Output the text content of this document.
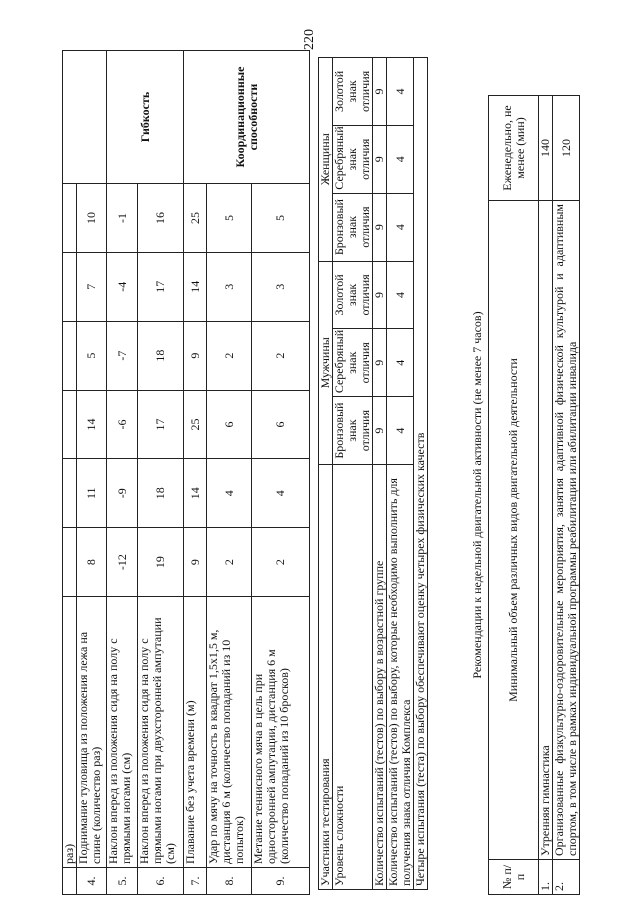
220
	раз)							
4.	Поднимание туловища из положения лежа на спине (количество раз)	8	11	14	5	7	10	
5.	Наклон вперед из положения сидя на полу с прямыми ногами (см)	-12	-9	-6	-7	-4	-1	Гибкость
6.	Наклон вперед из положения сидя на полу с прямыми ногами при двухсторонней ампутации (см)	19	18	17	18	17	16	
7.	Плавание без учета времени (м)	9	14	25	9	14	25	Координационные способности
8.	Удар по мячу на точность в квадрат 1,5х1,5 м, дистанция 6 м (количество попаданий из 10 попыток)	2	4	6	2	3	5	
9.	Метание теннисного мяча в цель при односторонней ампутации, дистанция 6 м (количество попаданий из 10 бросков)	2	4	6	2	3	5	
Участники тестирования	Мужчины			Женщины		
Уровень сложности	Бронзовый знак отличия	Серебряный знак отличия	Золотой знак отличия	Бронзовый знак отличия	Серебряный знак отличия	Золотой знак отличия
Количество испытаний (тестов) по выбору в возрастной группе	9	9	9	9	9	9
Количество испытаний (тестов) по выбору, которые необходимо выполнить для получения знака отличия Комплекса	4	4	4	4	4	4
Четыре испытания (теста) по выбору обеспечивают оценку четырех физических качеств							Рекомендации к недельной двигательной активности (не менее 7 часов)
№ п/п	Минимальный объем различных видов двигательной деятельности	Еженедельно, не менее (мин)
1.	Утренняя гимнастика	140
2.	Организованные физкультурно-оздоровительные мероприятия, занятия адаптивной физической культурой и адаптивным спортом, в том числе в рамках индивидуальной программы реабилитации или абилитации инвалида	120
